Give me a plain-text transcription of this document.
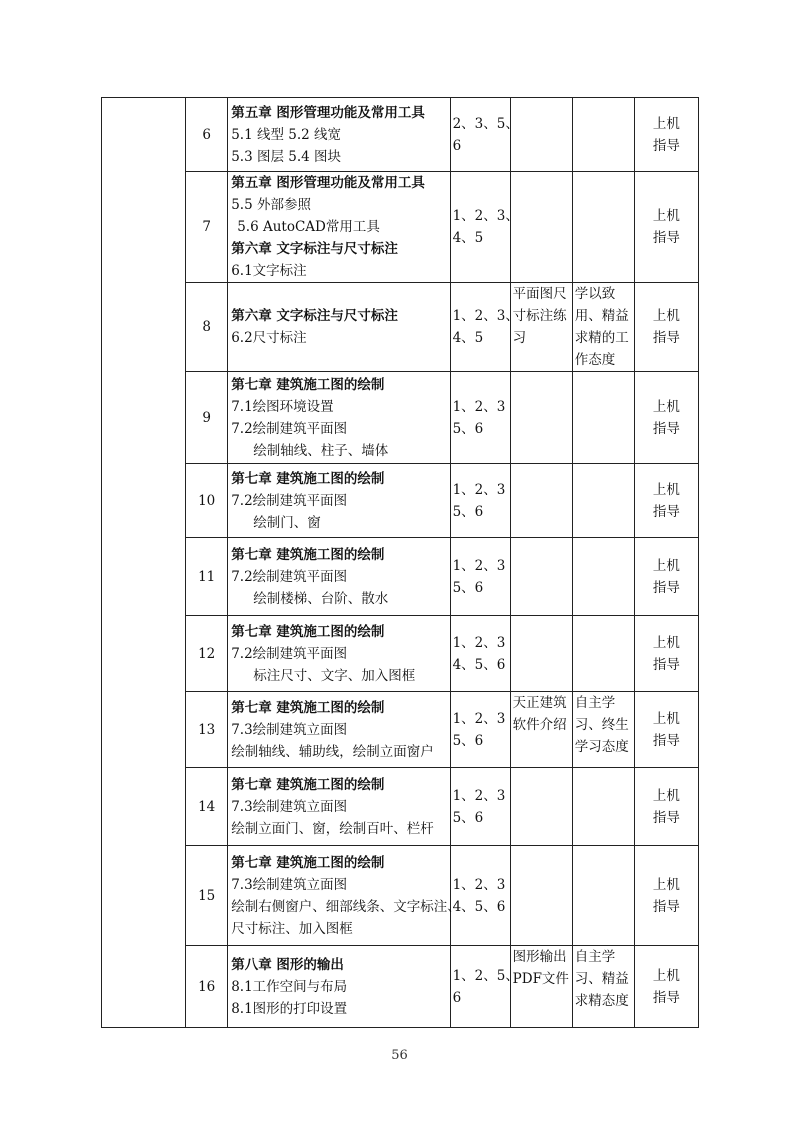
	6	第五章 图形管理功能及常用工具
5.1 线型 5.2 线宽
5.3 图层 5.4 图块	2、3、5、
6			上机
指导

	7	第五章 图形管理功能及常用工具
5.5 外部参照
5.6 AutoCAD常用工具
第六章 文字标注与尺寸标注
6.1文字标注	1、2、3、
4、5			上机
指导

	8	第六章 文字标注与尺寸标注
6.2尺寸标注	1、2、3、
4、5	平面图尺
寸标注练
习	学以致
用、精益
求精的工
作态度	上机
指导

	9	第七章 建筑施工图的绘制
7.1绘图环境设置
7.2绘制建筑平面图
绘制轴线、柱子、墙体	1、2、3
5、6			上机
指导

	10	第七章 建筑施工图的绘制
7.2绘制建筑平面图
绘制门、窗	1、2、3
5、6			上机
指导

	11	第七章 建筑施工图的绘制
7.2绘制建筑平面图
绘制楼梯、台阶、散水	1、2、3
5、6			上机
指导

	12	第七章 建筑施工图的绘制
7.2绘制建筑平面图
标注尺寸、文字、加入图框	1、2、3
4、5、6			上机
指导

	13	第七章 建筑施工图的绘制
7.3绘制建筑立面图
绘制轴线、辅助线，绘制立面窗户	1、2、3
5、6	天正建筑
软件介绍	自主学
习、终生
学习态度	上机
指导

	14	第七章 建筑施工图的绘制
7.3绘制建筑立面图
绘制立面门、窗，绘制百叶、栏杆	1、2、3
5、6			上机
指导

	15	第七章 建筑施工图的绘制
7.3绘制建筑立面图
绘制右侧窗户、细部线条、文字标注、
尺寸标注、加入图框	1、2、3
4、5、6			上机
指导

	16	第八章 图形的输出
8.1工作空间与布局
8.1图形的打印设置	1、2、5、
6	图形输出
PDF文件	自主学
习、精益
求精态度	上机
指导
56
